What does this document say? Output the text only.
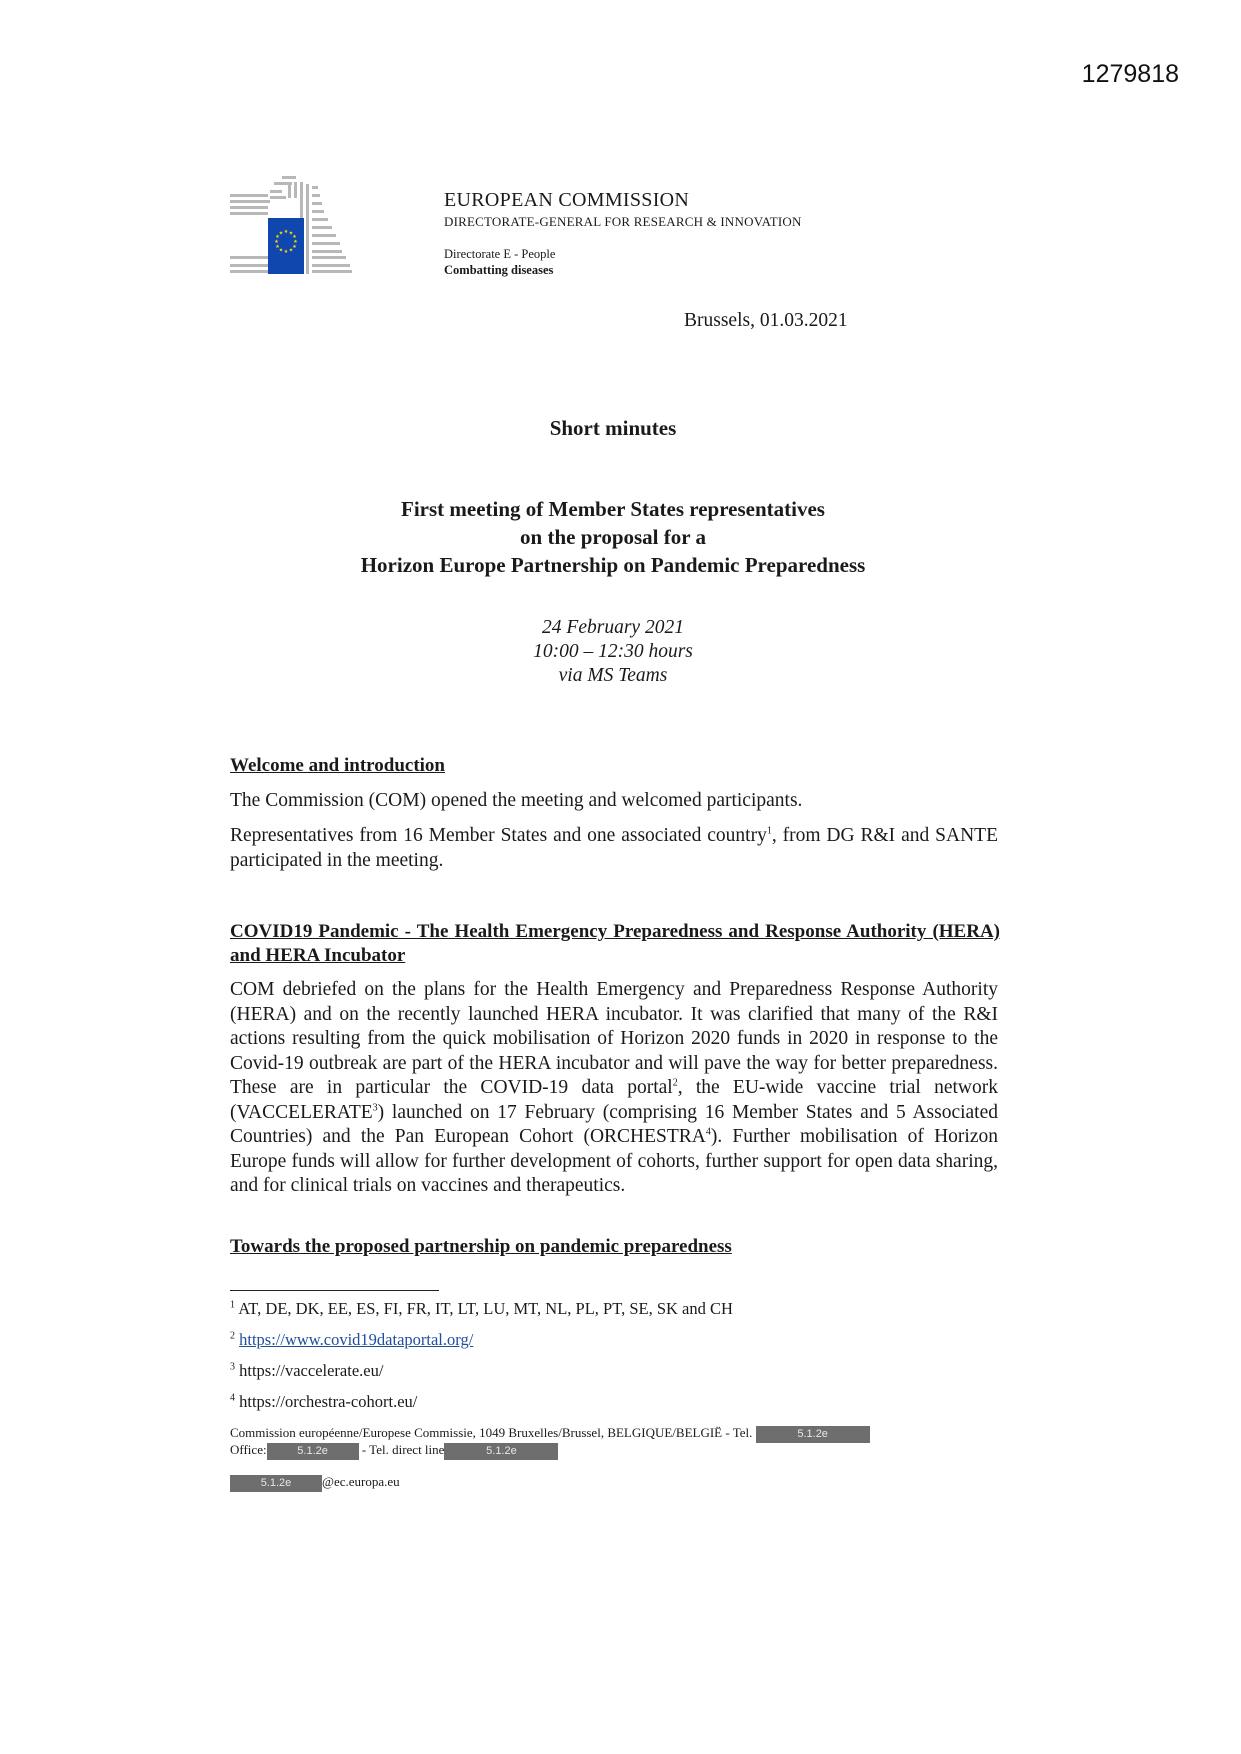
1279818
★ ★
★
★
★
★
★
★
★
★
★
★
EUROPEAN COMMISSION
DIRECTORATE-GENERAL FOR RESEARCH & INNOVATION
Directorate E - People
Combatting diseases
Brussels, 01.03.2021
Short minutes
First meeting of Member States representatives
on the proposal for a
Horizon Europe Partnership on Pandemic Preparedness
24 February 2021
10:00 – 12:30 hours
via MS Teams
Welcome and introduction
The Commission (COM) opened the meeting and welcomed participants.
Representatives from 16 Member States and one associated country$^1$, from DG R&I and SANTE participated in the meeting.
COVID19 Pandemic - The Health Emergency Preparedness and Response Authority (HERA) and HERA Incubator
COM debriefed on the plans for the Health Emergency and Preparedness Response Authority (HERA) and on the recently launched HERA incubator. It was clarified that many of the R&I actions resulting from the quick mobilisation of Horizon 2020 funds in 2020 in response to the Covid-19 outbreak are part of the HERA incubator and will pave the way for better preparedness. These are in particular the COVID-19 data portal$^2$, the EU-wide vaccine trial network (VACCELERATE$^3$) launched on 17 February (comprising 16 Member States and 5 Associated Countries) and the Pan European Cohort (ORCHESTRA$^4$). Further mobilisation of Horizon Europe funds will allow for further development of cohorts, further support for open data sharing, and for clinical trials on vaccines and therapeutics.
Towards the proposed partnership on pandemic preparedness
$^1$ AT, DE, DK, EE, ES, FI, FR, IT, LT, LU, MT, NL, PL, PT, SE, SK and CH
$^2$ https://www.covid19dataportal.org/
$^3$ https://vaccelerate.eu/
$^4$ https://orchestra-cohort.eu/
Commission européenne/Europese Commissie, 1049 Bruxelles/Brussel, BELGIQUE/BELGIË - Tel.	5.1.2e
Office:	5.1.2e	- Tel. direct line	5.1.2e
5.1.2e @ec.europa.eu
